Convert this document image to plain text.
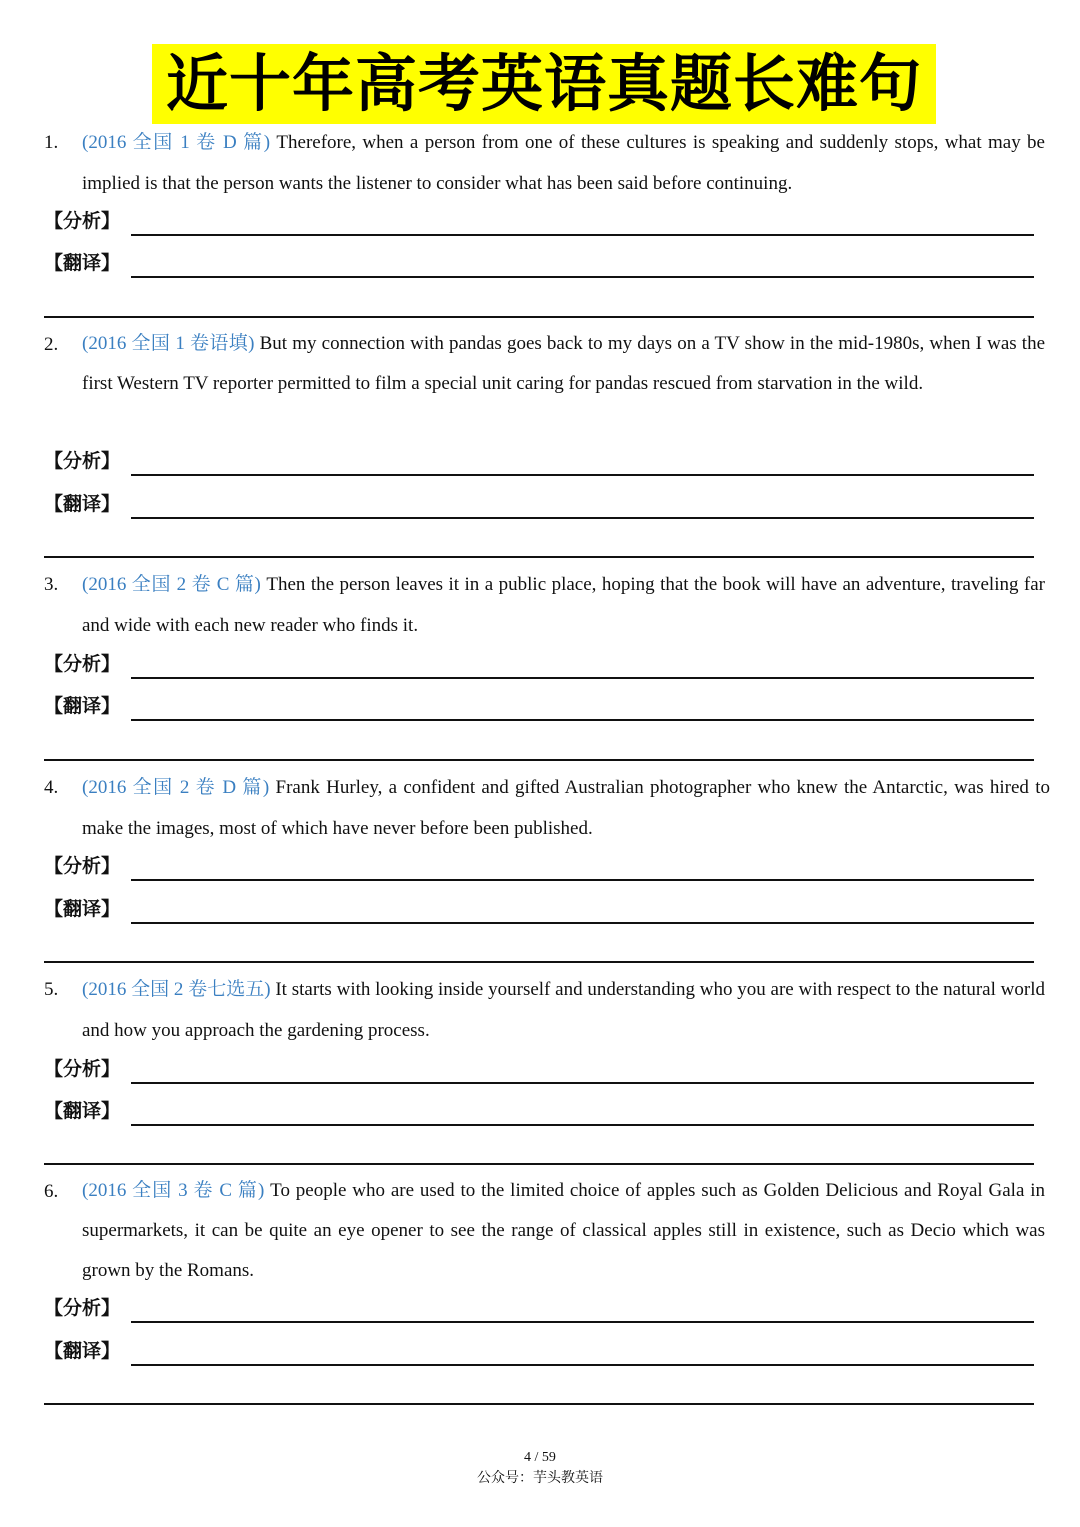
近十年高考英语真题长难句
1. (2016 全国 1 卷 D 篇) Therefore, when a person from one of these cultures is speaking and suddenly stops, what may be implied is that the person wants the listener to consider what has been said before continuing.
【分析】
【翻译】
2. (2016 全国 1 卷语填) But my connection with pandas goes back to my days on a TV show in the mid-1980s, when I was the first Western TV reporter permitted to film a special unit caring for pandas rescued from starvation in the wild.
【分析】
【翻译】
3. (2016 全国 2 卷 C 篇) Then the person leaves it in a public place, hoping that the book will have an adventure, traveling far and wide with each new reader who finds it.
【分析】
【翻译】
4. (2016 全国 2 卷 D 篇) Frank Hurley, a confident and gifted Australian photographer who knew the Antarctic, was hired to make the images, most of which have never before been published.
【分析】
【翻译】
5. (2016 全国 2 卷七选五) It starts with looking inside yourself and understanding who you are with respect to the natural world and how you approach the gardening process.
【分析】
【翻译】
6. (2016 全国 3 卷 C 篇) To people who are used to the limited choice of apples such as Golden Delicious and Royal Gala in supermarkets, it can be quite an eye opener to see the range of classical apples still in existence, such as Decio which was grown by the Romans.
【分析】
【翻译】
4 / 59
公众号：芋头教英语
